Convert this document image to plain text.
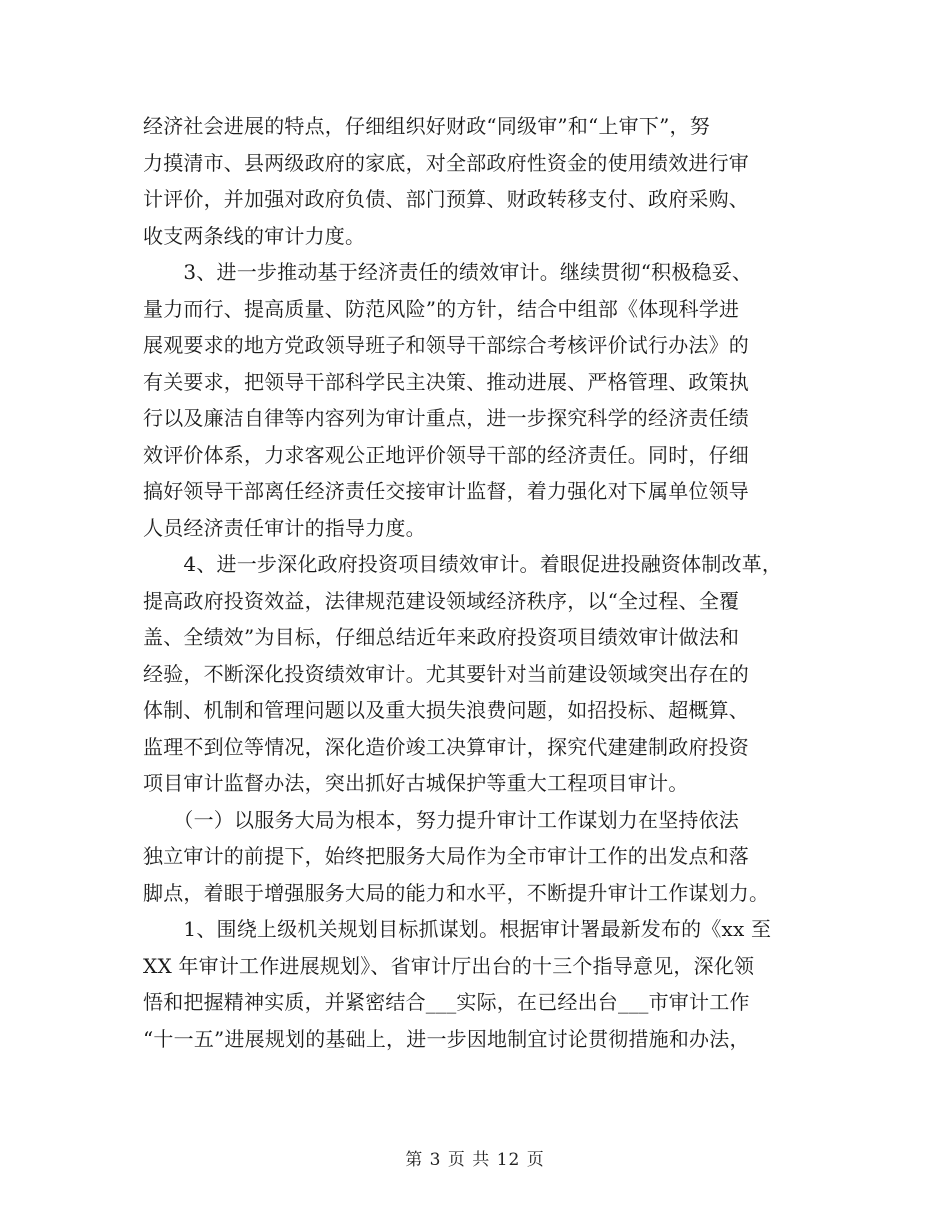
经济社会进展的特点，仔细组织好财政“同级审”和“上审下”，努
力摸清市、县两级政府的家底，对全部政府性资金的使用绩效进行审
计评价，并加强对政府负债、部门预算、财政转移支付、政府采购、
收支两条线的审计力度。
　　3、进一步推动基于经济责任的绩效审计。继续贯彻“积极稳妥、
量力而行、提高质量、防范风险”的方针，结合中组部《体现科学进
展观要求的地方党政领导班子和领导干部综合考核评价试行办法》的
有关要求，把领导干部科学民主决策、推动进展、严格管理、政策执
行以及廉洁自律等内容列为审计重点，进一步探究科学的经济责任绩
效评价体系，力求客观公正地评价领导干部的经济责任。同时，仔细
搞好领导干部离任经济责任交接审计监督，着力强化对下属单位领导
人员经济责任审计的指导力度。
　　4、进一步深化政府投资项目绩效审计。着眼促进投融资体制改革，
提高政府投资效益，法律规范建设领域经济秩序，以“全过程、全覆
盖、全绩效”为目标，仔细总结近年来政府投资项目绩效审计做法和
经验，不断深化投资绩效审计。尤其要针对当前建设领域突出存在的
体制、机制和管理问题以及重大损失浪费问题，如招投标、超概算、
监理不到位等情况，深化造价竣工决算审计，探究代建建制政府投资
项目审计监督办法，突出抓好古城保护等重大工程项目审计。
　　（一）以服务大局为根本，努力提升审计工作谋划力在坚持依法
独立审计的前提下，始终把服务大局作为全市审计工作的出发点和落
脚点，着眼于增强服务大局的能力和水平，不断提升审计工作谋划力。
　　1、围绕上级机关规划目标抓谋划。根据审计署最新发布的《xx 至
XX 年审计工作进展规划》、省审计厅出台的十三个指导意见，深化领
悟和把握精神实质，并紧密结合___实际，在已经出台___市审计工作
“十一五”进展规划的基础上，进一步因地制宜讨论贯彻措施和办法，
第 3 页 共 12 页
